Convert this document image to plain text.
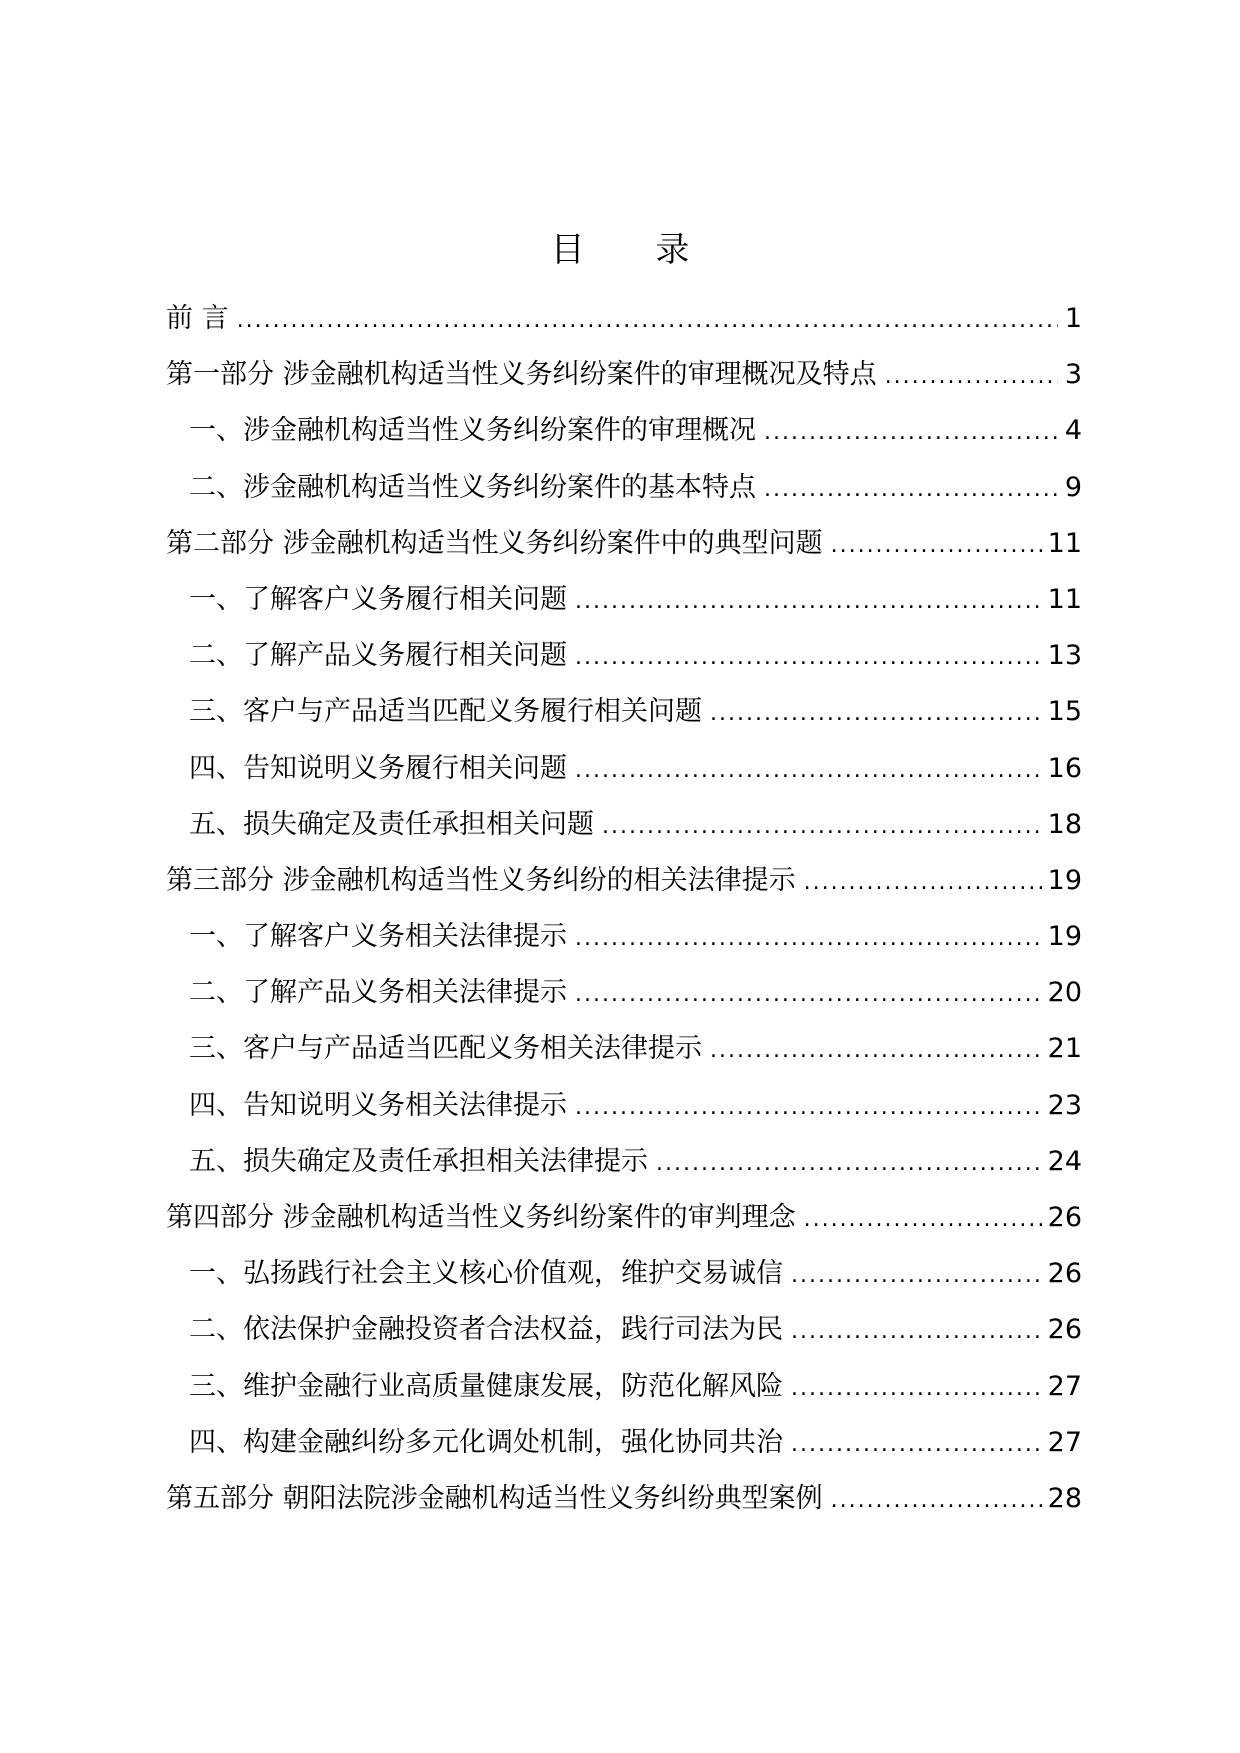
目 录
前 言 .....	1
第一部分 涉金融机构适当性义务纠纷案件的审理概况及特点 .....	3
一、涉金融机构适当性义务纠纷案件的审理概况 .....	4
二、涉金融机构适当性义务纠纷案件的基本特点 .....	9
第二部分 涉金融机构适当性义务纠纷案件中的典型问题 .....	11
一、了解客户义务履行相关问题 .....	11
二、了解产品义务履行相关问题 .....	13
三、客户与产品适当匹配义务履行相关问题 .....	15
四、告知说明义务履行相关问题 .....	16
五、损失确定及责任承担相关问题 .....	18
第三部分 涉金融机构适当性义务纠纷的相关法律提示 .....	19
一、了解客户义务相关法律提示 .....	19
二、了解产品义务相关法律提示 .....	20
三、客户与产品适当匹配义务相关法律提示 .....	21
四、告知说明义务相关法律提示 .....	23
五、损失确定及责任承担相关法律提示 .....	24
第四部分 涉金融机构适当性义务纠纷案件的审判理念 .....	26
一、弘扬践行社会主义核心价值观，维护交易诚信 .....	26
二、依法保护金融投资者合法权益，践行司法为民 .....	26
三、维护金融行业高质量健康发展，防范化解风险 .....	27
四、构建金融纠纷多元化调处机制，强化协同共治 .....	27
第五部分 朝阳法院涉金融机构适当性义务纠纷典型案例 .....	28
